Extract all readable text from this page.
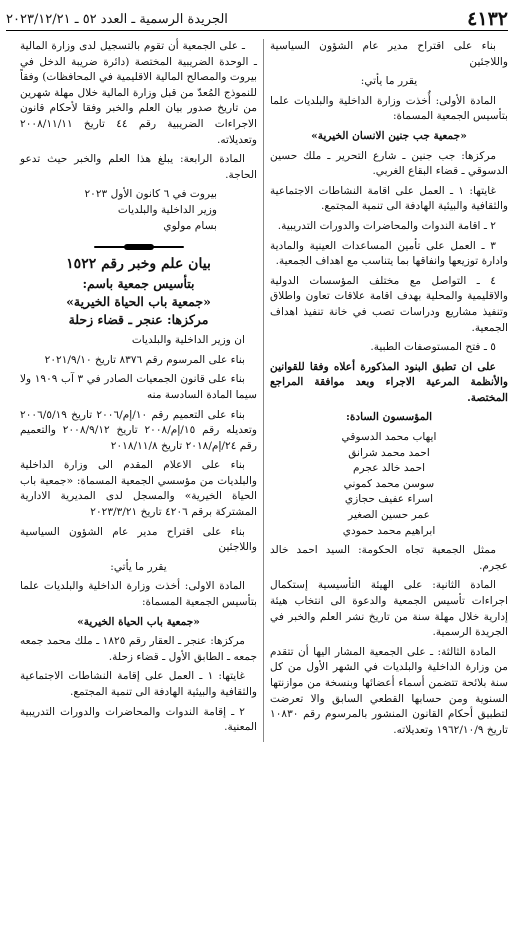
٤١٣٢
الجريدة الرسمية ـ العدد ٥٢ ـ ٢٠٢٣/١٢/٢١

بناء على اقتراح مدير عام الشؤون السياسية واللاجئين

يقرر ما يأتي:

المادة الأولى: أُخذت وزارة الداخلية والبلديات علما بتأسيس الجمعية المسماة:

«جمعية جب جنين الانسان الخيرية»

مركزها: جب جنين ـ شارع التحرير ـ ملك حسين الدسوقي ـ قضاء البقاع الغربي.

غايتها: ١ ـ العمل على اقامة النشاطات الاجتماعية والثقافية والبيئية الهادفة الى تنمية المجتمع.

٢ ـ اقامة الندوات والمحاضرات والدورات التدريبية.

٣ ـ العمل على تأمين المساعدات العينية والمادية وادارة توزيعها وانفاقها بما يتناسب مع اهداف الجمعية.

٤ ـ التواصل مع مختلف المؤسسات الدولية والاقليمية والمحلية بهدف اقامة علاقات تعاون واطلاق وتنفيذ مشاريع ودراسات تصب في خانة تنفيذ اهداف الجمعية.

٥ ـ فتح المستوصفات الطبية.

على ان تطبق البنود المذكورة أعلاه وفقا للقوانين والأنظمة المرعية الاجراء وبعد موافقة المراجع المختصة.

المؤسسون السادة:

ايهاب محمد الدسوقي

احمد محمد شرانق

احمد خالد عجرم

سوسن محمد كموني

اسراء عفيف حجازي

عمر حسين الصغير

ابراهيم محمد حمودي

ممثل الجمعية تجاه الحكومة: السيد احمد خالد عجرم.

المادة الثانية: على الهيئة التأسيسية إستكمال اجراءات تأسيس الجمعية والدعوة الى انتخاب هيئة إدارية خلال مهلة سنة من تاريخ نشر العلم والخبر في الجريدة الرسمية.

المادة الثالثة: ـ على الجمعية المشار اليها أن تتقدم من وزارة الداخلية والبلديات في الشهر الأول من كل سنة بلائحة تتضمن أسماء أعضائها وبنسخة من موازنتها السنوية ومن حسابها القطعي السابق والا تعرضت لتطبيق أحكام القانون المنشور بالمرسوم رقم ١٠٨٣٠ تاريخ ١٩٦٢/١٠/٩ وتعديلاته.

ـ على الجمعية أن تقوم بالتسجيل لدى وزارة المالية ـ الوحدة الضريبية المختصة (دائرة ضريبة الدخل في بيروت والمصالح المالية الاقليمية في المحافظات) وفقاً للنموذج المُعدّ من قبل وزارة المالية خلال مهلة شهرين من تاريخ صدور بيان العلم والخبر وفقا لأحكام قانون الاجراءات الضريبية رقم ٤٤ تاريخ ٢٠٠٨/١١/١١ وتعديلاته.

المادة الرابعة: يبلغ هذا العلم والخبر حيث تدعو الحاجة.

بيروت في ٦ كانون الأول ٢٠٢٣

وزير الداخلية والبلديات

بسام مولوي

بيان علم وخبر رقم ١٥٢٢
بتأسيس جمعية باسم:
«جمعية باب الحياة الخيرية»
مركزها: عنجر ـ قضاء زحلة

ان وزير الداخلية والبلديات

بناء على المرسوم رقم ٨٣٧٦ تاريخ ٢٠٢١/٩/١٠

بناء على قانون الجمعيات الصادر في ٣ آب ١٩٠٩ ولا سيما المادة السادسة منه

بناء على التعميم رقم ١٠/إم/٢٠٠٦ تاريخ ٢٠٠٦/٥/١٩ وتعديله رقم ١٥/إم/٢٠٠٨ تاريخ ٢٠٠٨/٩/١٢ والتعميم رقم ٢٤/إم/٢٠١٨ تاريخ ٢٠١٨/١١/٨

بناء على الاعلام المقدم الى وزارة الداخلية والبلديات من مؤسسي الجمعية المسماة: «جمعية باب الحياة الخيرية» والمسجل لدى المديرية الادارية المشتركة برقم ٤٢٠٦ تاريخ ٢٠٢٣/٣/٢١

بناء على اقتراح مدير عام الشؤون السياسية واللاجئين

يقرر ما يأتي:

المادة الاولى: أخذت وزارة الداخلية والبلديات علما بتأسيس الجمعية المسماة:

«جمعية باب الحياة الخيرية»

مركزها: عنجر ـ العقار رقم ١٨٢٥ ـ ملك محمد جمعه جمعه ـ الطابق الأول ـ قضاء زحلة.

غايتها: ١ ـ العمل على إقامة النشاطات الاجتماعية والثقافية والبيئية الهادفة الى تنمية المجتمع.

٢ ـ إقامة الندوات والمحاضرات والدورات التدريبية المعنية.
